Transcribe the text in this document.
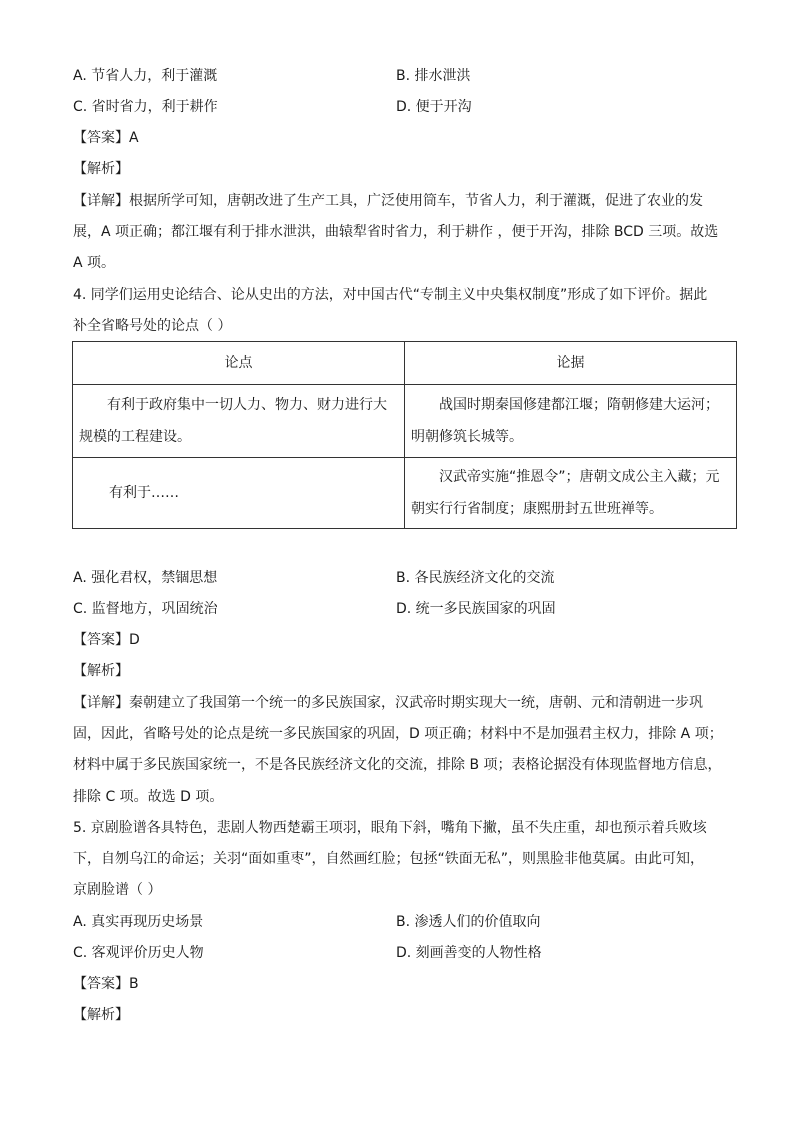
A. 节省人力，利于灌溉	B. 排水泄洪
C. 省时省力，利于耕作	D. 便于开沟
【答案】A
【解析】
【详解】根据所学可知，唐朝改进了生产工具，广泛使用筒车，节省人力，利于灌溉，促进了农业的发
展，A 项正确；都江堰有利于排水泄洪，曲辕犁省时省力，利于耕作 ，便于开沟，排除 BCD 三项。故选
A 项。
4. 同学们运用史论结合、论从史出的方法，对中国古代“专制主义中央集权制度”形成了如下评价。据此
补全省略号处的论点（ ）
论点	论据

有利于政府集中一切人力、物力、财力进行大规模的工程建设。	战国时期秦国修建都江堰；隋朝修建大运河；明朝修筑长城等。

有利于……	汉武帝实施“推恩令”；唐朝文成公主入藏；元朝实行行省制度；康熙册封五世班禅等。
A. 强化君权，禁锢思想	B. 各民族经济文化的交流
C. 监督地方，巩固统治	D. 统一多民族国家的巩固
【答案】D
【解析】
【详解】秦朝建立了我国第一个统一的多民族国家，汉武帝时期实现大一统，唐朝、元和清朝进一步巩
固，因此，省略号处的论点是统一多民族国家的巩固，D 项正确；材料中不是加强君主权力，排除 A 项；
材料中属于多民族国家统一，不是各民族经济文化的交流，排除 B 项；表格论据没有体现监督地方信息，
排除 C 项。故选 D 项。
5. 京剧脸谱各具特色，悲剧人物西楚霸王项羽，眼角下斜，嘴角下撇，虽不失庄重，却也预示着兵败垓
下，自刎乌江的命运；关羽“面如重枣”，自然画红脸；包拯“铁面无私”，则黑脸非他莫属。由此可知，
京剧脸谱（ ）
A. 真实再现历史场景	B. 渗透人们的价值取向
C. 客观评价历史人物	D. 刻画善变的人物性格
【答案】B
【解析】
